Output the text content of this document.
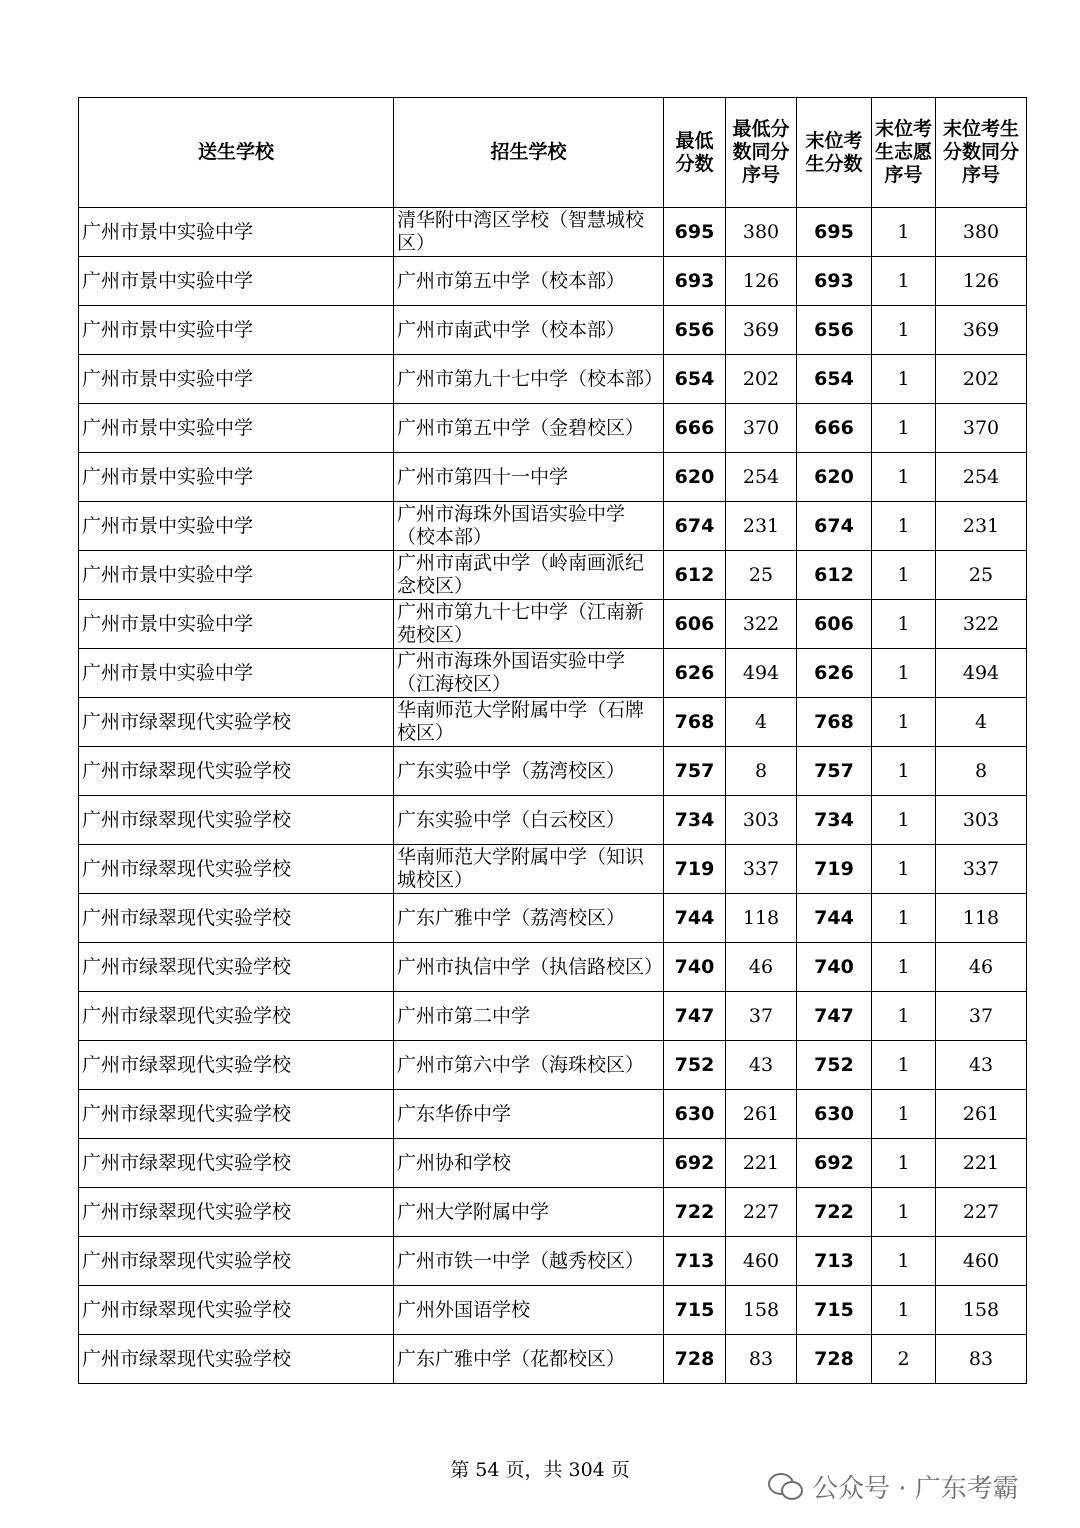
送生学校	招生学校	最低分数	最低分数同分序号	末位考生分数	末位考生志愿序号	末位考生分数同分序号
广州市景中实验中学	清华附中湾区学校（智慧城校区）	695	380	695	1	380
广州市景中实验中学	广州市第五中学（校本部）	693	126	693	1	126
广州市景中实验中学	广州市南武中学（校本部）	656	369	656	1	369
广州市景中实验中学	广州市第九十七中学（校本部）	654	202	654	1	202
广州市景中实验中学	广州市第五中学（金碧校区）	666	370	666	1	370
广州市景中实验中学	广州市第四十一中学	620	254	620	1	254
广州市景中实验中学	广州市海珠外国语实验中学（校本部）	674	231	674	1	231
广州市景中实验中学	广州市南武中学（岭南画派纪念校区）	612	25	612	1	25
广州市景中实验中学	广州市第九十七中学（江南新苑校区）	606	322	606	1	322
广州市景中实验中学	广州市海珠外国语实验中学（江海校区）	626	494	626	1	494
广州市绿翠现代实验学校	华南师范大学附属中学（石牌校区）	768	4	768	1	4
广州市绿翠现代实验学校	广东实验中学（荔湾校区）	757	8	757	1	8
广州市绿翠现代实验学校	广东实验中学（白云校区）	734	303	734	1	303
广州市绿翠现代实验学校	华南师范大学附属中学（知识城校区）	719	337	719	1	337
广州市绿翠现代实验学校	广东广雅中学（荔湾校区）	744	118	744	1	118
广州市绿翠现代实验学校	广州市执信中学（执信路校区）	740	46	740	1	46
广州市绿翠现代实验学校	广州市第二中学	747	37	747	1	37
广州市绿翠现代实验学校	广州市第六中学（海珠校区）	752	43	752	1	43
广州市绿翠现代实验学校	广东华侨中学	630	261	630	1	261
广州市绿翠现代实验学校	广州协和学校	692	221	692	1	221
广州市绿翠现代实验学校	广州大学附属中学	722	227	722	1	227
广州市绿翠现代实验学校	广州市铁一中学（越秀校区）	713	460	713	1	460
广州市绿翠现代实验学校	广州外国语学校	715	158	715	1	158
广州市绿翠现代实验学校	广东广雅中学（花都校区）	728	83	728	2	83
第 54 页，共 304 页
公众号 · 广东考霸
